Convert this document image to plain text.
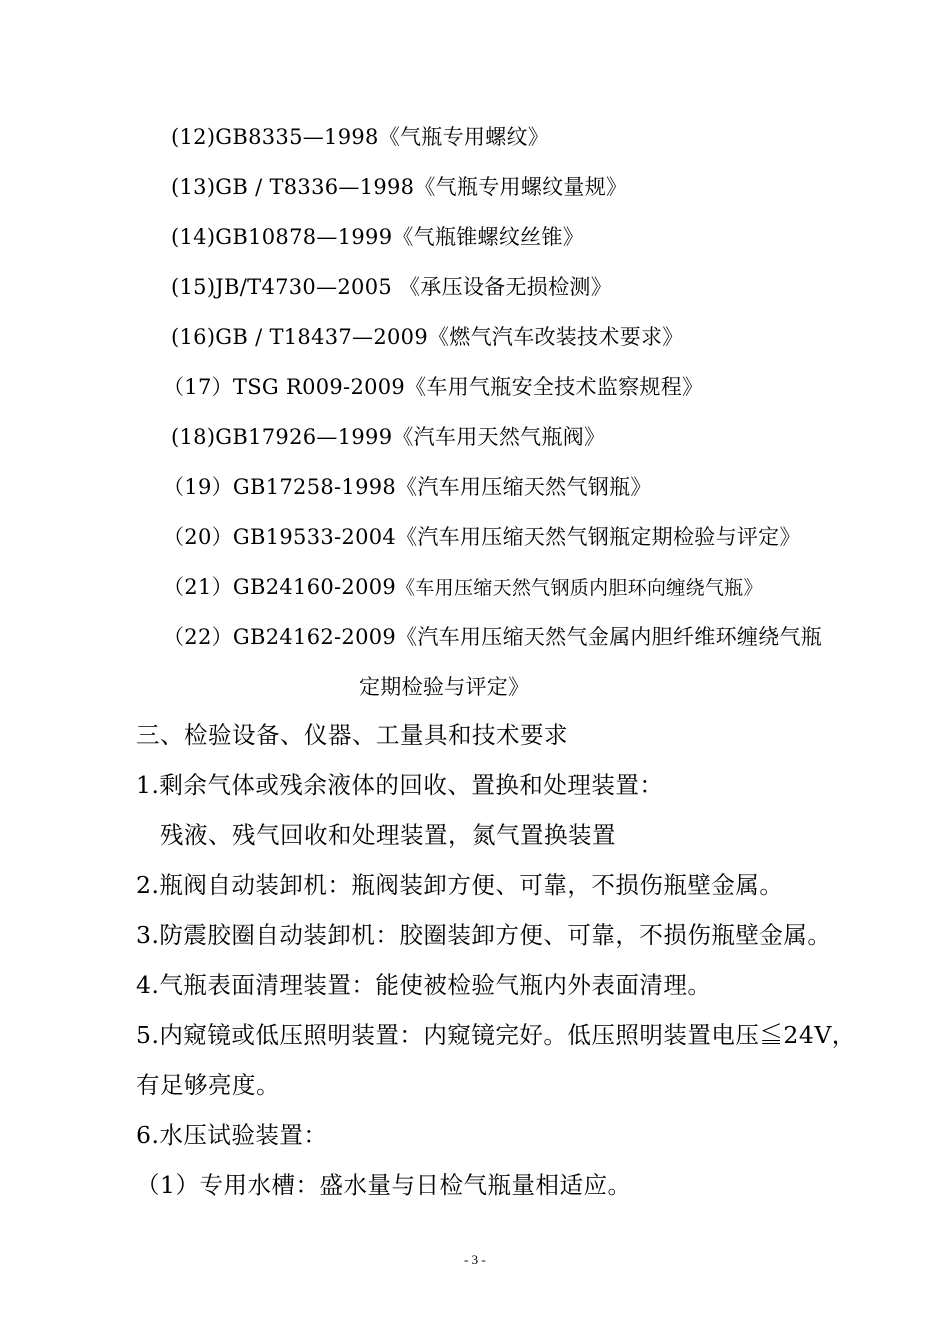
(12)GB8335—1998《气瓶专用螺纹》
(13)GB / T8336—1998《气瓶专用螺纹量规》
(14)GB10878—1999《气瓶锥螺纹丝锥》
(15)JB/T4730—2005 《承压设备无损检测》
(16)GB / T18437—2009《燃气汽车改装技术要求》
（17）TSG R009-2009《车用气瓶安全技术监察规程》
(18)GB17926—1999《汽车用天然气瓶阀》
（19）GB17258-1998《汽车用压缩天然气钢瓶》
（20）GB19533-2004《汽车用压缩天然气钢瓶定期检验与评定》
（21）GB24160-2009《车用压缩天然气钢质内胆环向缠绕气瓶》
（22）GB24162-2009《汽车用压缩天然气金属内胆纤维环缠绕气瓶
定期检验与评定》
三、检验设备、仪器、工量具和技术要求
1.剩余气体或残余液体的回收、置换和处理装置：
残液、残气回收和处理装置，氮气置换装置
2.瓶阀自动装卸机：瓶阀装卸方便、可靠，不损伤瓶壁金属。
3.防震胶圈自动装卸机：胶圈装卸方便、可靠，不损伤瓶壁金属。
4.气瓶表面清理装置：能使被检验气瓶内外表面清理。
5.内窥镜或低压照明装置：内窥镜完好。低压照明装置电压≦24V，
有足够亮度。
6.水压试验装置：
（1）专用水槽：盛水量与日检气瓶量相适应。
- 3 -
